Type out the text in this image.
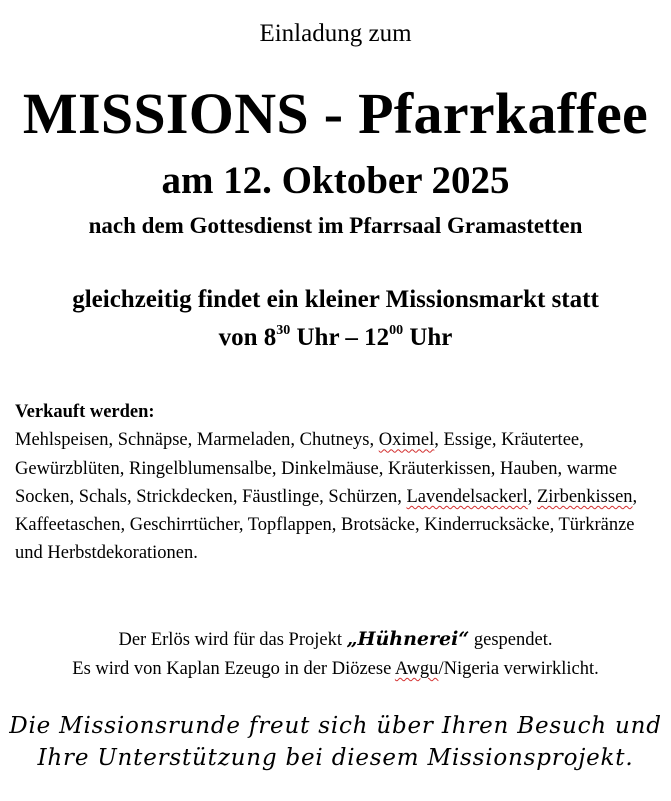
Einladung zum
MISSIONS - Pfarrkaffee
am 12. Oktober 2025
nach dem Gottesdienst im Pfarrsaal Gramastetten
gleichzeitig findet ein kleiner Missionsmarkt statt
von $8^{30}$ Uhr – $12^{00}$ Uhr
Verkauft werden:
Mehlspeisen, Schnäpse, Marmeladen, Chutneys, Oximel, Essige, Kräutertee, Gewürzblüten, Ringelblumensalbe, Dinkelmäuse, Kräuterkissen, Hauben, warme Socken, Schals, Strickdecken, Fäustlinge, Schürzen, Lavendelsackerl, Zirbenkissen, Kaffeetaschen, Geschirrtücher, Topflappen, Brotsäcke, Kinderrucksäcke, Türkränze und Herbstdekorationen.
Der Erlös wird für das Projekt „Hühnerei“ gespendet.
Es wird von Kaplan Ezeugo in der Diözese Awgu/Nigeria verwirklicht.
Die Missionsrunde freut sich über Ihren Besuch und
Ihre Unterstützung bei diesem Missionsprojekt.
